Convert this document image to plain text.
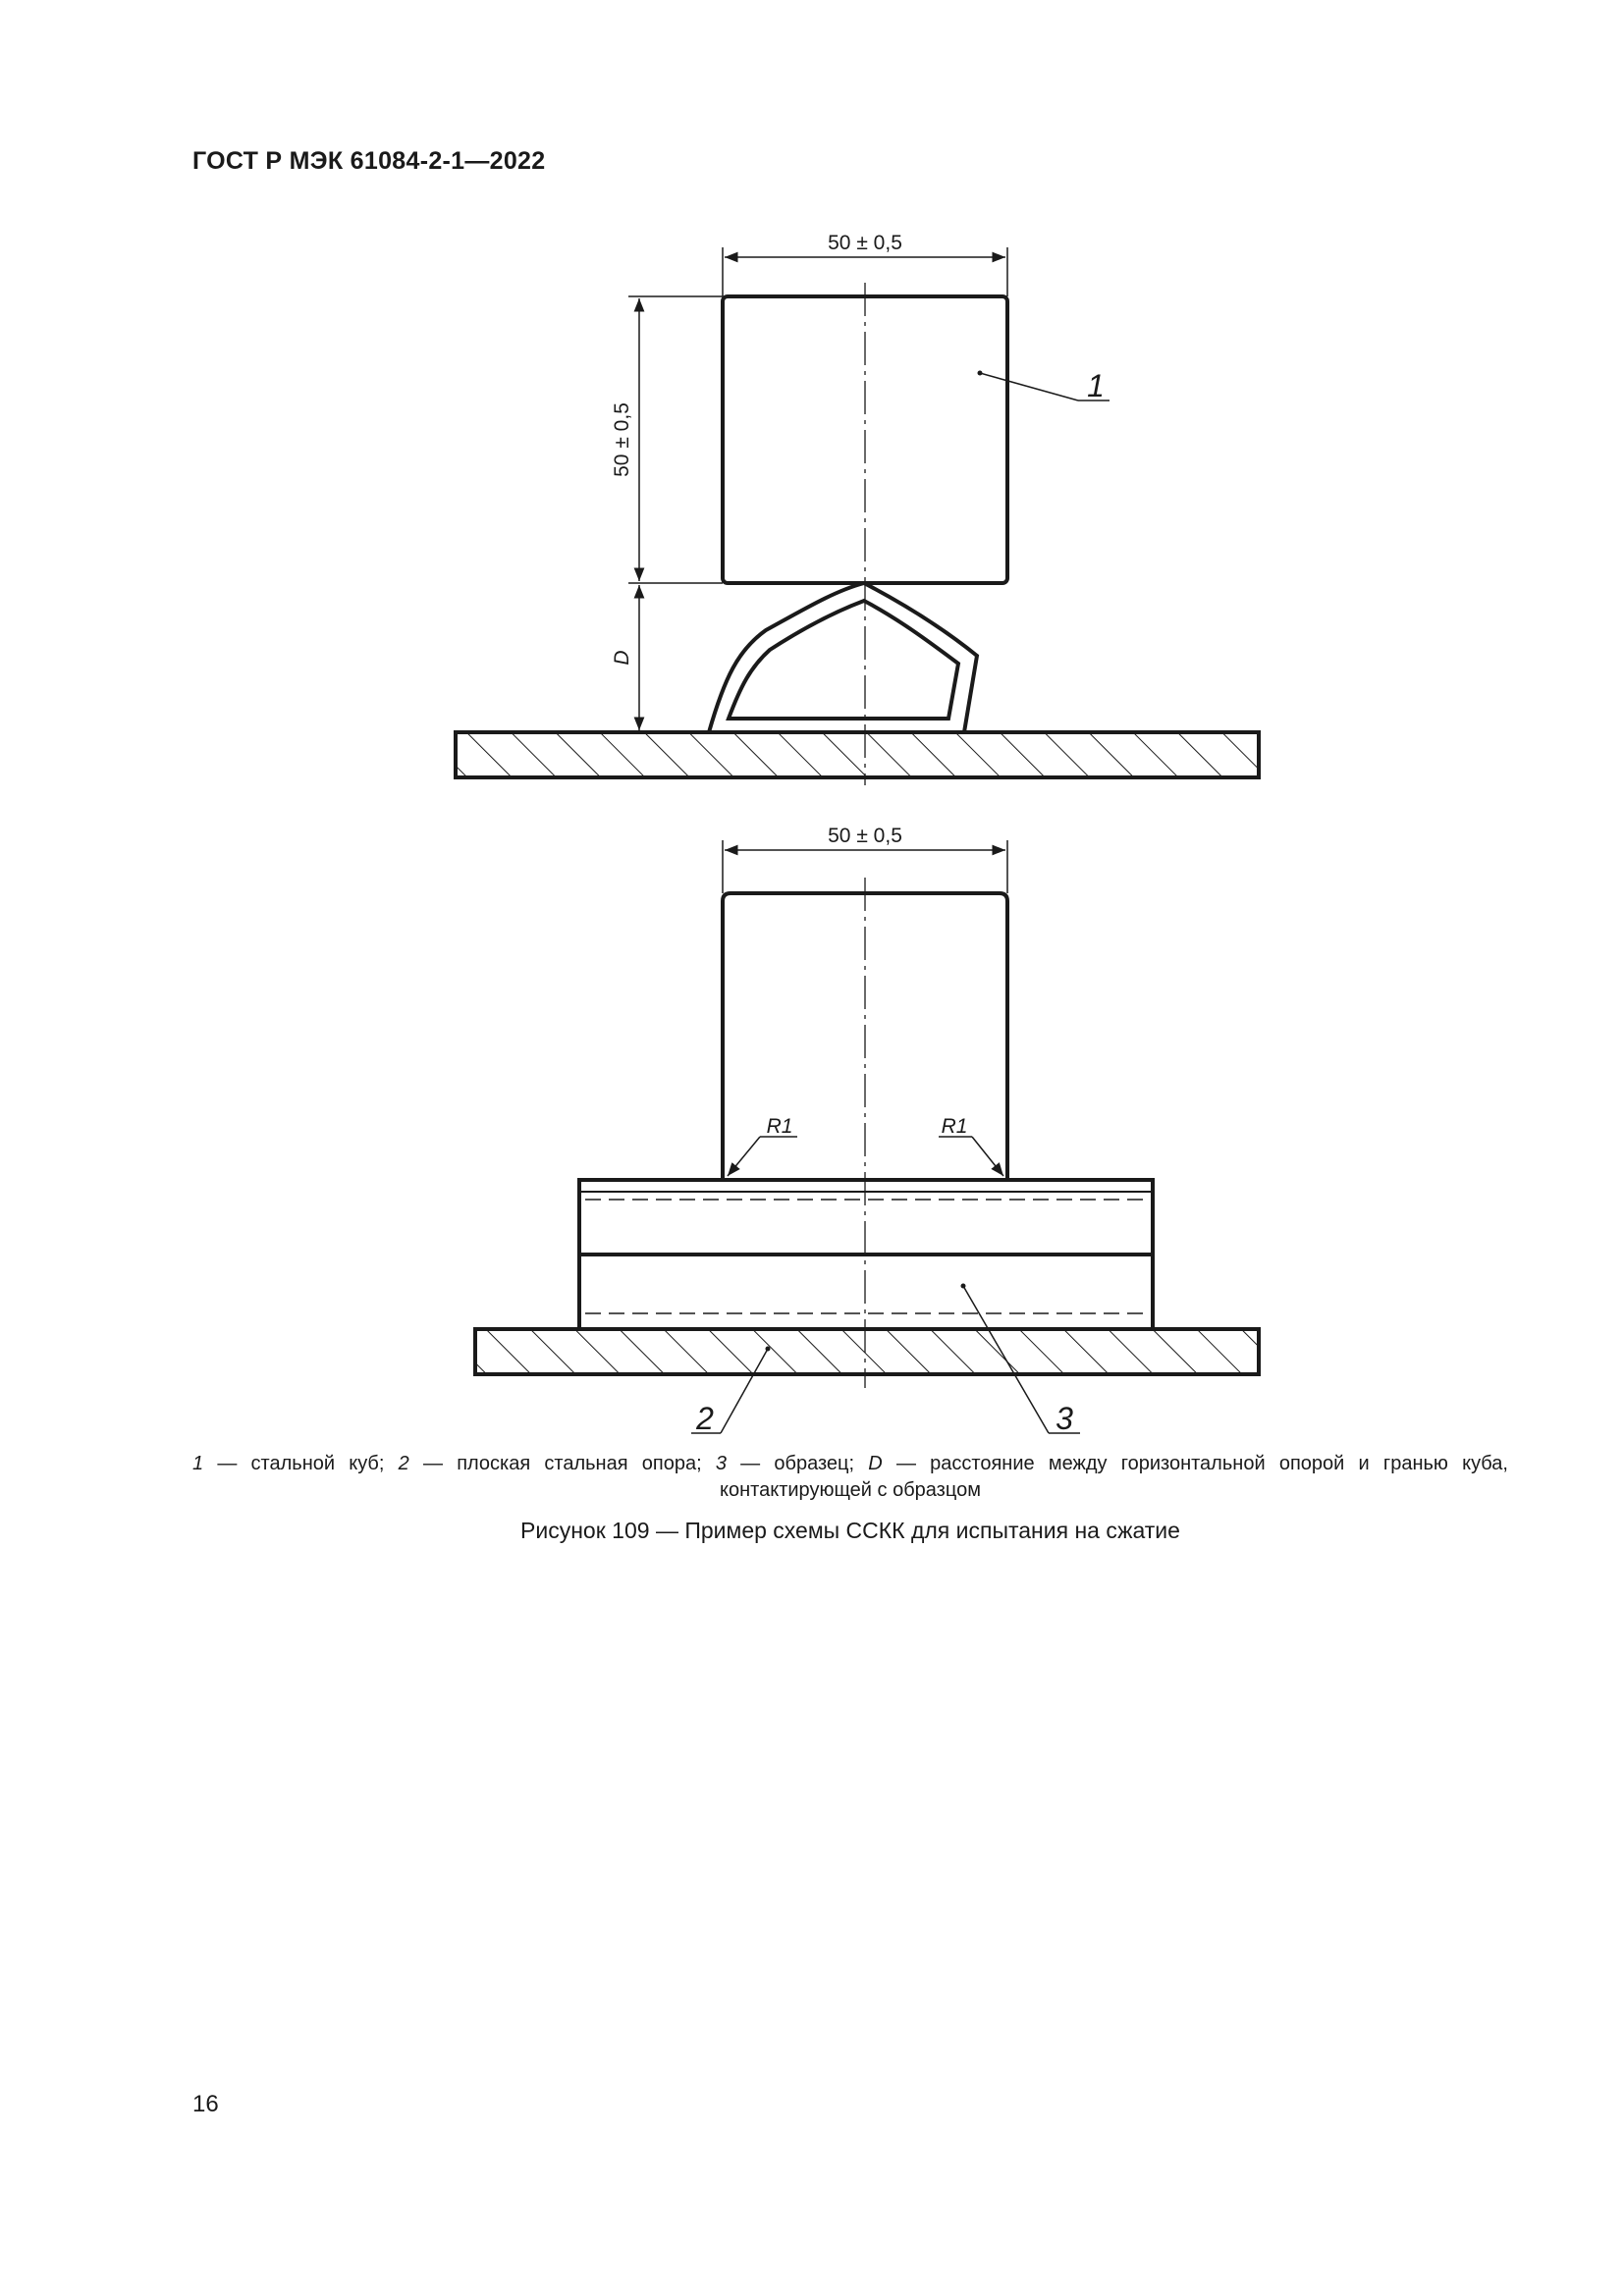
ГОСТ Р МЭК 61084-2-1—2022
50 ± 0,5
50 ± 0,5
D
1
50 ± 0,5
R1	R1
2	3
1 — стальной куб; 2 — плоская стальная опора; 3 — образец; D — расстояние между горизонтальной опорой и гранью куба,
контактирующей с образцом
Рисунок 109 — Пример схемы ССКК для испытания на сжатие
16
